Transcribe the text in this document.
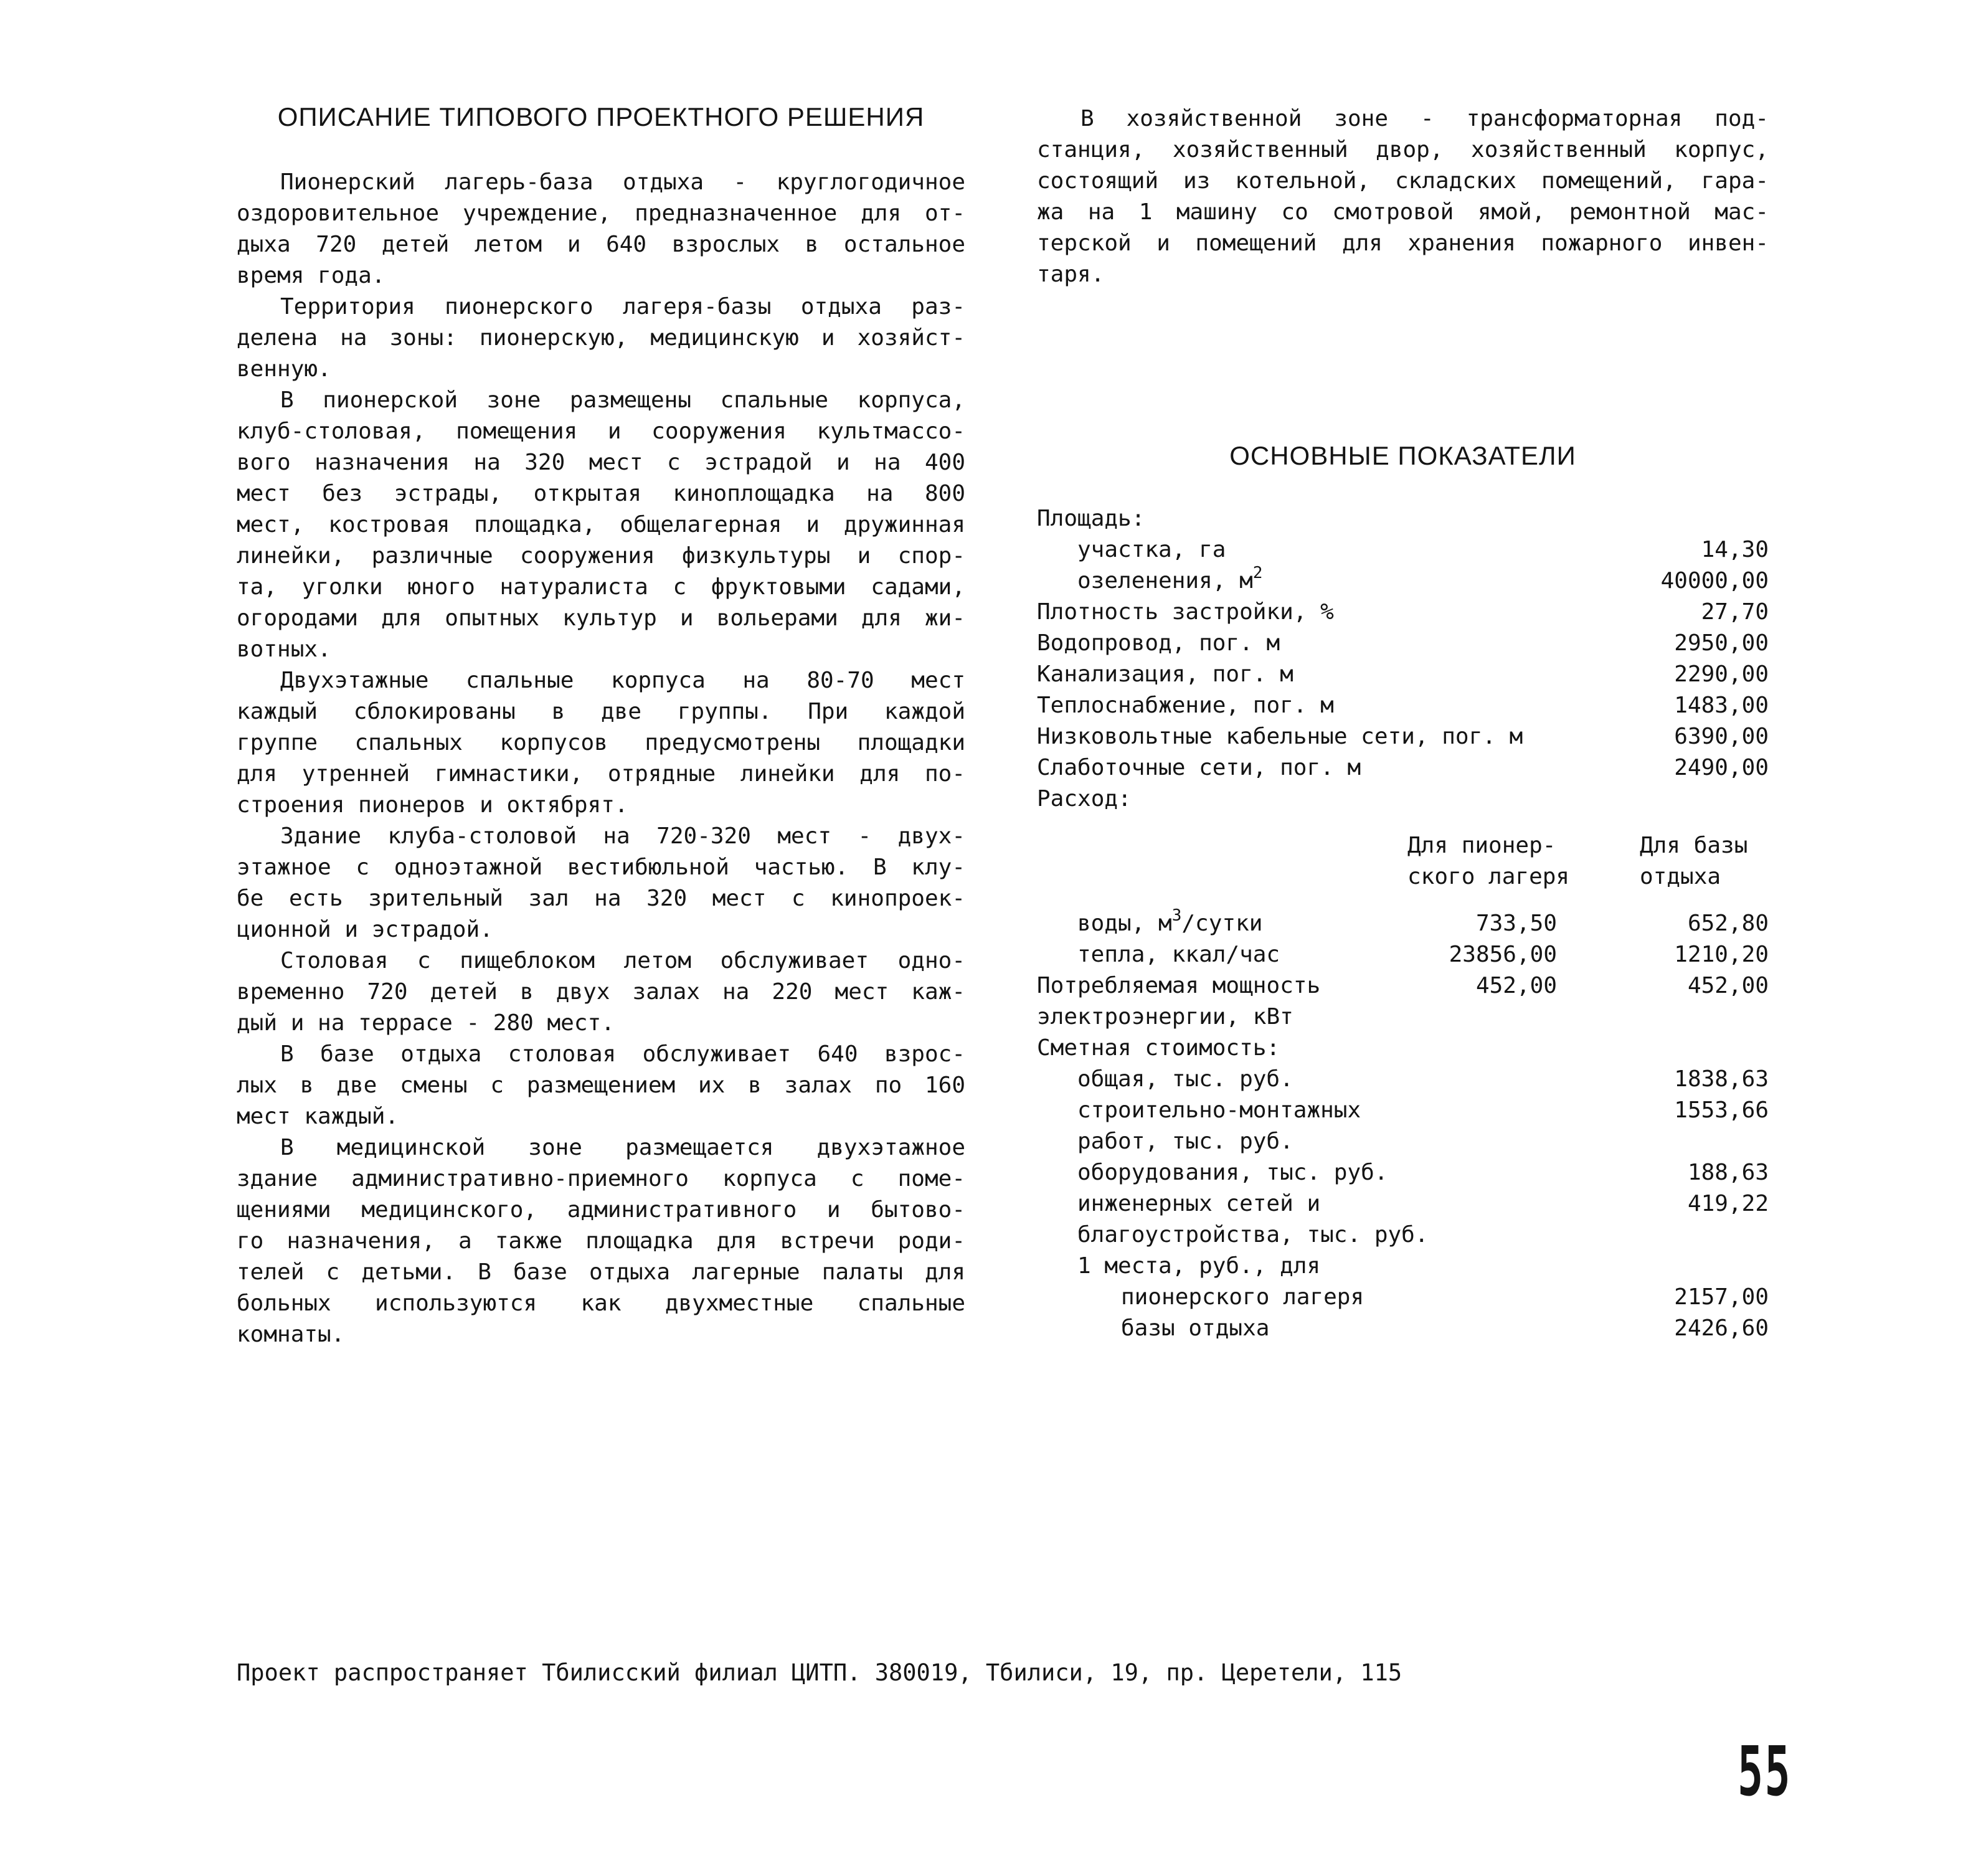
ОПИСАНИЕ ТИПОВОГО ПРОЕКТНОГО РЕШЕНИЯ
Пионерский лагерь-база отдыха - круглогодичное
оздоровительное учреждение, предназначенное для от-
дыха 720 детей летом и 640 взрослых в остальное
время года.
Территория пионерского лагеря-базы отдыха раз-
делена на зоны: пионерскую, медицинскую и хозяйст-
венную.
В пионерской зоне размещены спальные корпуса,
клуб-столовая, помещения и сооружения культмассо-
вого назначения на 320 мест с эстрадой и на 400
мест без эстрады, открытая киноплощадка на 800
мест, костровая площадка, общелагерная и дружинная
линейки, различные сооружения физкультуры и спор-
та, уголки юного натуралиста с фруктовыми садами,
огородами для опытных культур и вольерами для жи-
вотных.
Двухэтажные спальные корпуса на 80-70 мест
каждый сблокированы в две группы. При каждой
группе спальных корпусов предусмотрены площадки
для утренней гимнастики, отрядные линейки для по-
строения пионеров и октябрят.
Здание клуба-столовой на 720-320 мест - двух-
этажное с одноэтажной вестибюльной частью. В клу-
бе есть зрительный зал на 320 мест с кинопроек-
ционной и эстрадой.
Столовая с пищеблоком летом обслуживает одно-
временно 720 детей в двух залах на 220 мест каж-
дый и на террасе - 280 мест.
В базе отдыха столовая обслуживает 640 взрос-
лых в две смены с размещением их в залах по 160
мест каждый.
В медицинской зоне размещается двухэтажное
здание административно-приемного корпуса с поме-
щениями медицинского, административного и бытово-
го назначения, а также площадка для встречи роди-
телей с детьми. В базе отдыха лагерные палаты для
больных используются как двухместные спальные
комнаты.
В хозяйственной зоне - трансформаторная под-
станция, хозяйственный двор, хозяйственный корпус,
состоящий из котельной, складских помещений, гара-
жа на 1 машину со смотровой ямой, ремонтной мас-
терской и помещений для хранения пожарного инвен-
таря.
ОСНОВНЫЕ ПОКАЗАТЕЛИ
Площадь:
участка, га	14,30
озеленения, $м^2$	40000,00
Плотность застройки, %	27,70
Водопровод, пог. м	2950,00
Канализация, пог. м	2290,00
Теплоснабжение, пог. м	1483,00
Низковольтные кабельные сети, пог. м	6390,00
Слаботочные сети, пог. м	2490,00
Расход:
Для пионер-	Для базы
ского лагеря	отдыха
воды, $м^3$/сутки	733,50	652,80
тепла, ккал/час	23856,00	1210,20
Потребляемая мощность	452,00	452,00
электроэнергии, кВт
Сметная стоимость:
общая, тыс. руб.	1838,63
строительно-монтажных	1553,66
работ, тыс. руб.
оборудования, тыс. руб.	188,63
инженерных сетей и	419,22
благоустройства, тыс. руб.
1 места, руб., для
пионерского лагеря	2157,00
базы отдыха	2426,60
Проект распространяет Тбилисский филиал ЦИТП. 380019, Тбилиси, 19, пр. Церетели, 115
55
